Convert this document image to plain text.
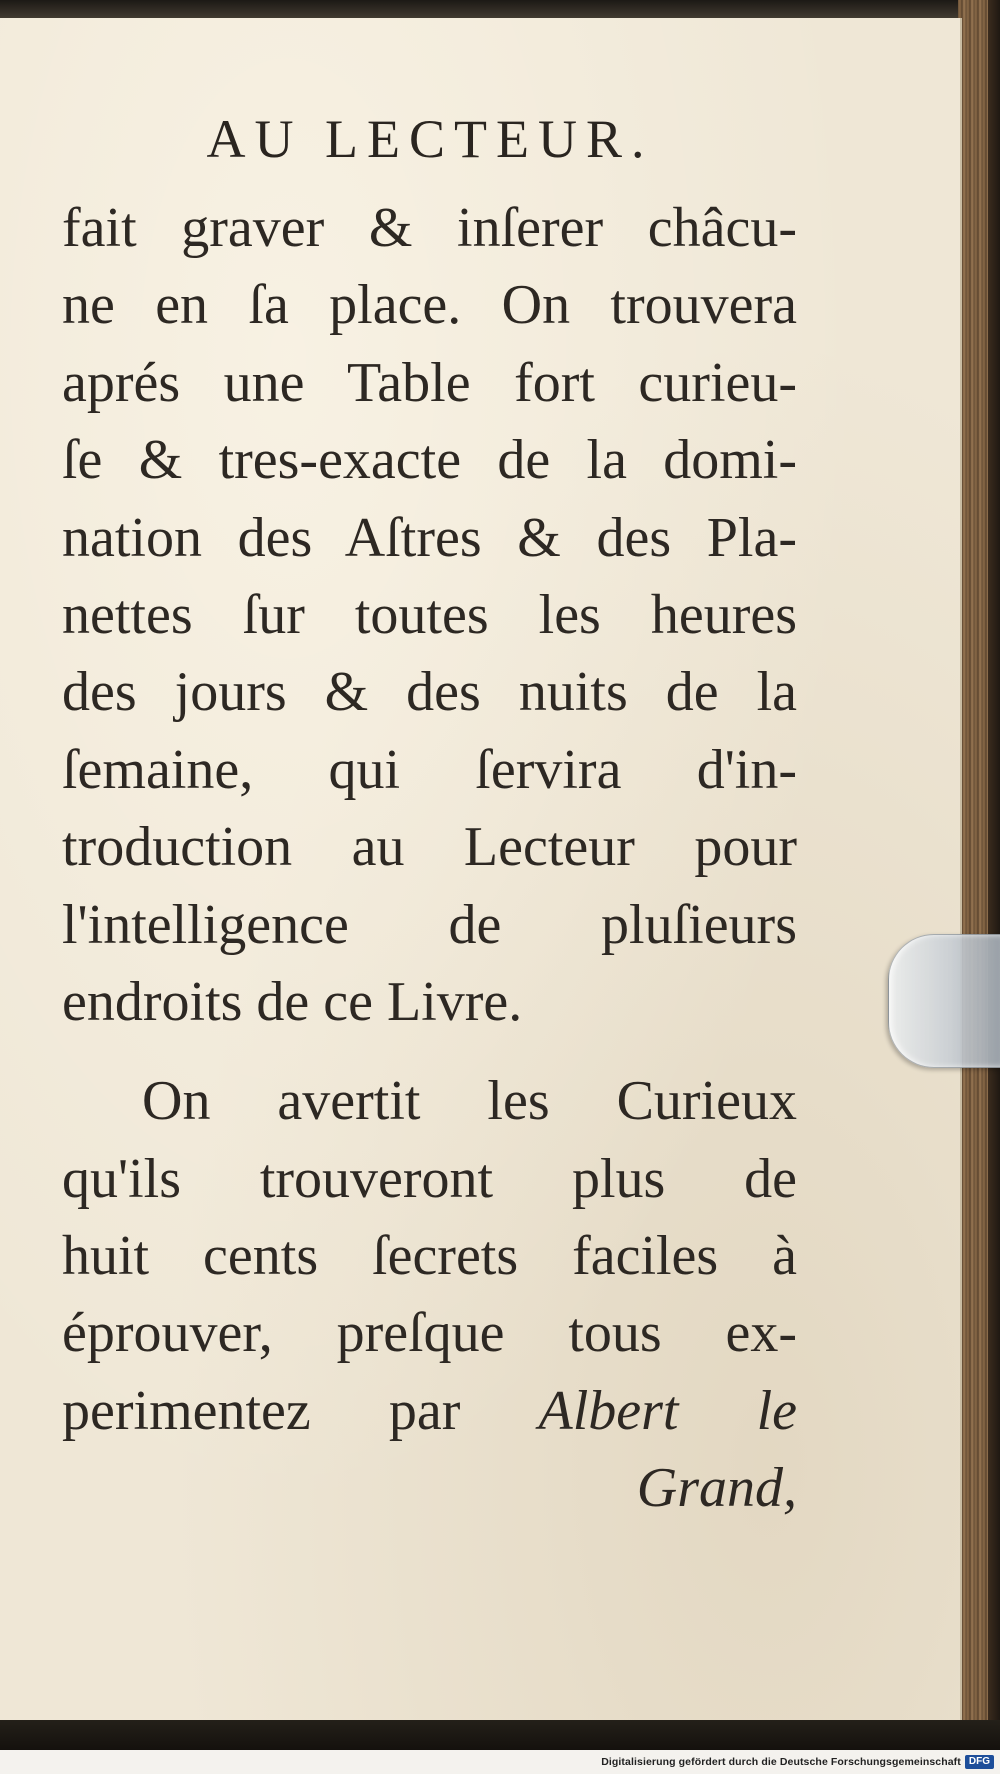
AU LECTEUR.
fait graver & inſerer châcu-
ne en ſa place. On trouvera
aprés une Table fort curieu-
ſe & tres-exacte de la domi-
nation des Aſtres & des Pla-
nettes ſur toutes les heures
des jours & des nuits de la
ſemaine, qui ſervira d'in-
troduction au Lecteur pour
l'intelligence de pluſieurs
endroits de ce Livre.
On avertit les Curieux
qu'ils trouveront plus de
huit cents ſecrets faciles à
éprouver, preſque tous ex-
perimentez par Albert le
Grand,
Digitalisierung gefördert durch die Deutsche Forschungsgemeinschaft DFG
